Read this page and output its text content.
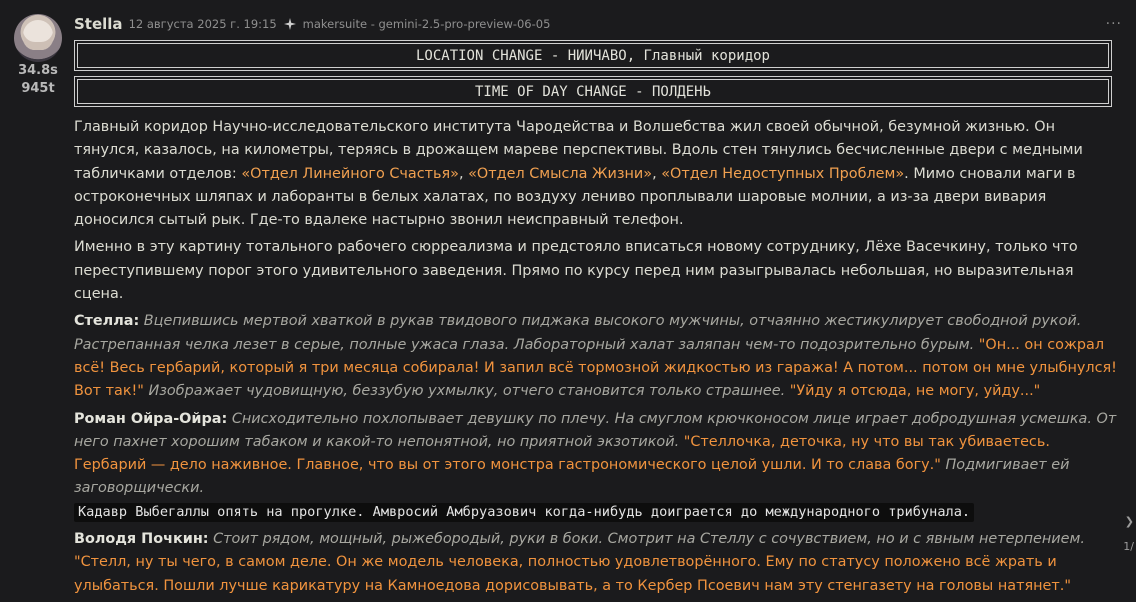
34.8s
945t
Stella 12 августа 2025 г. 19:15 makersuite - gemini-2.5-pro-preview-06-05	···
❯
1/
LOCATION CHANGE - НИИЧАВО, Главный коридор
TIME OF DAY CHANGE - ПОЛДЕНЬ

Главный коридор Научно-исследовательского института Чародейства и Волшебства жил своей обычной, безумной жизнью. Он тянулся, казалось, на километры, теряясь в дрожащем мареве перспективы. Вдоль стен тянулись бесчисленные двери с медными табличками отделов: «Отдел Линейного Счастья», «Отдел Смысла Жизни», «Отдел Недоступных Проблем». Мимо сновали маги в остроконечных шляпах и лаборанты в белых халатах, по воздуху лениво проплывали шаровые молнии, а из-за двери вивария доносился сытый рык. Где-то вдалеке настырно звонил неисправный телефон.

Именно в эту картину тотального рабочего сюрреализма и предстояло вписаться новому сотруднику, Лёхе Васечкину, только что переступившему порог этого удивительного заведения. Прямо по курсу перед ним разыгрывалась небольшая, но выразительная сцена.

Стелла: Вцепившись мертвой хваткой в рукав твидового пиджака высокого мужчины, отчаянно жестикулирует свободной рукой. Растрепанная челка лезет в серые, полные ужаса глаза. Лабораторный халат заляпан чем-то подозрительно бурым. "Он... он сожрал всё! Весь гербарий, который я три месяца собирала! И запил всё тормозной жидкостью из гаража! А потом... потом он мне улыбнулся! Вот так!" Изображает чудовищную, беззубую ухмылку, отчего становится только страшнее. "Уйду я отсюда, не могу, уйду..."

Роман Ойра-Ойра: Снисходительно похлопывает девушку по плечу. На смуглом крючконосом лице играет добродушная усмешка. От него пахнет хорошим табаком и какой-то непонятной, но приятной экзотикой. "Стеллочка, деточка, ну что вы так убиваетесь. Гербарий — дело наживное. Главное, что вы от этого монстра гастрономического целой ушли. И то слава богу." Подмигивает ей заговорщически.
Кадавр Выбегаллы опять на прогулке. Амвросий Амбруазович когда-нибудь доиграется до международного трибунала.

Володя Почкин: Стоит рядом, мощный, рыжебородый, руки в боки. Смотрит на Стеллу с сочувствием, но и с явным нетерпением. "Стелл, ну ты чего, в самом деле. Он же модель человека, полностью удовлетворённого. Ему по статусу положено всё жрать и улыбаться. Пошли лучше карикатуру на Камноедова дорисовывать, а то Кербер Псоевич нам эту стенгазету на головы натянет."
